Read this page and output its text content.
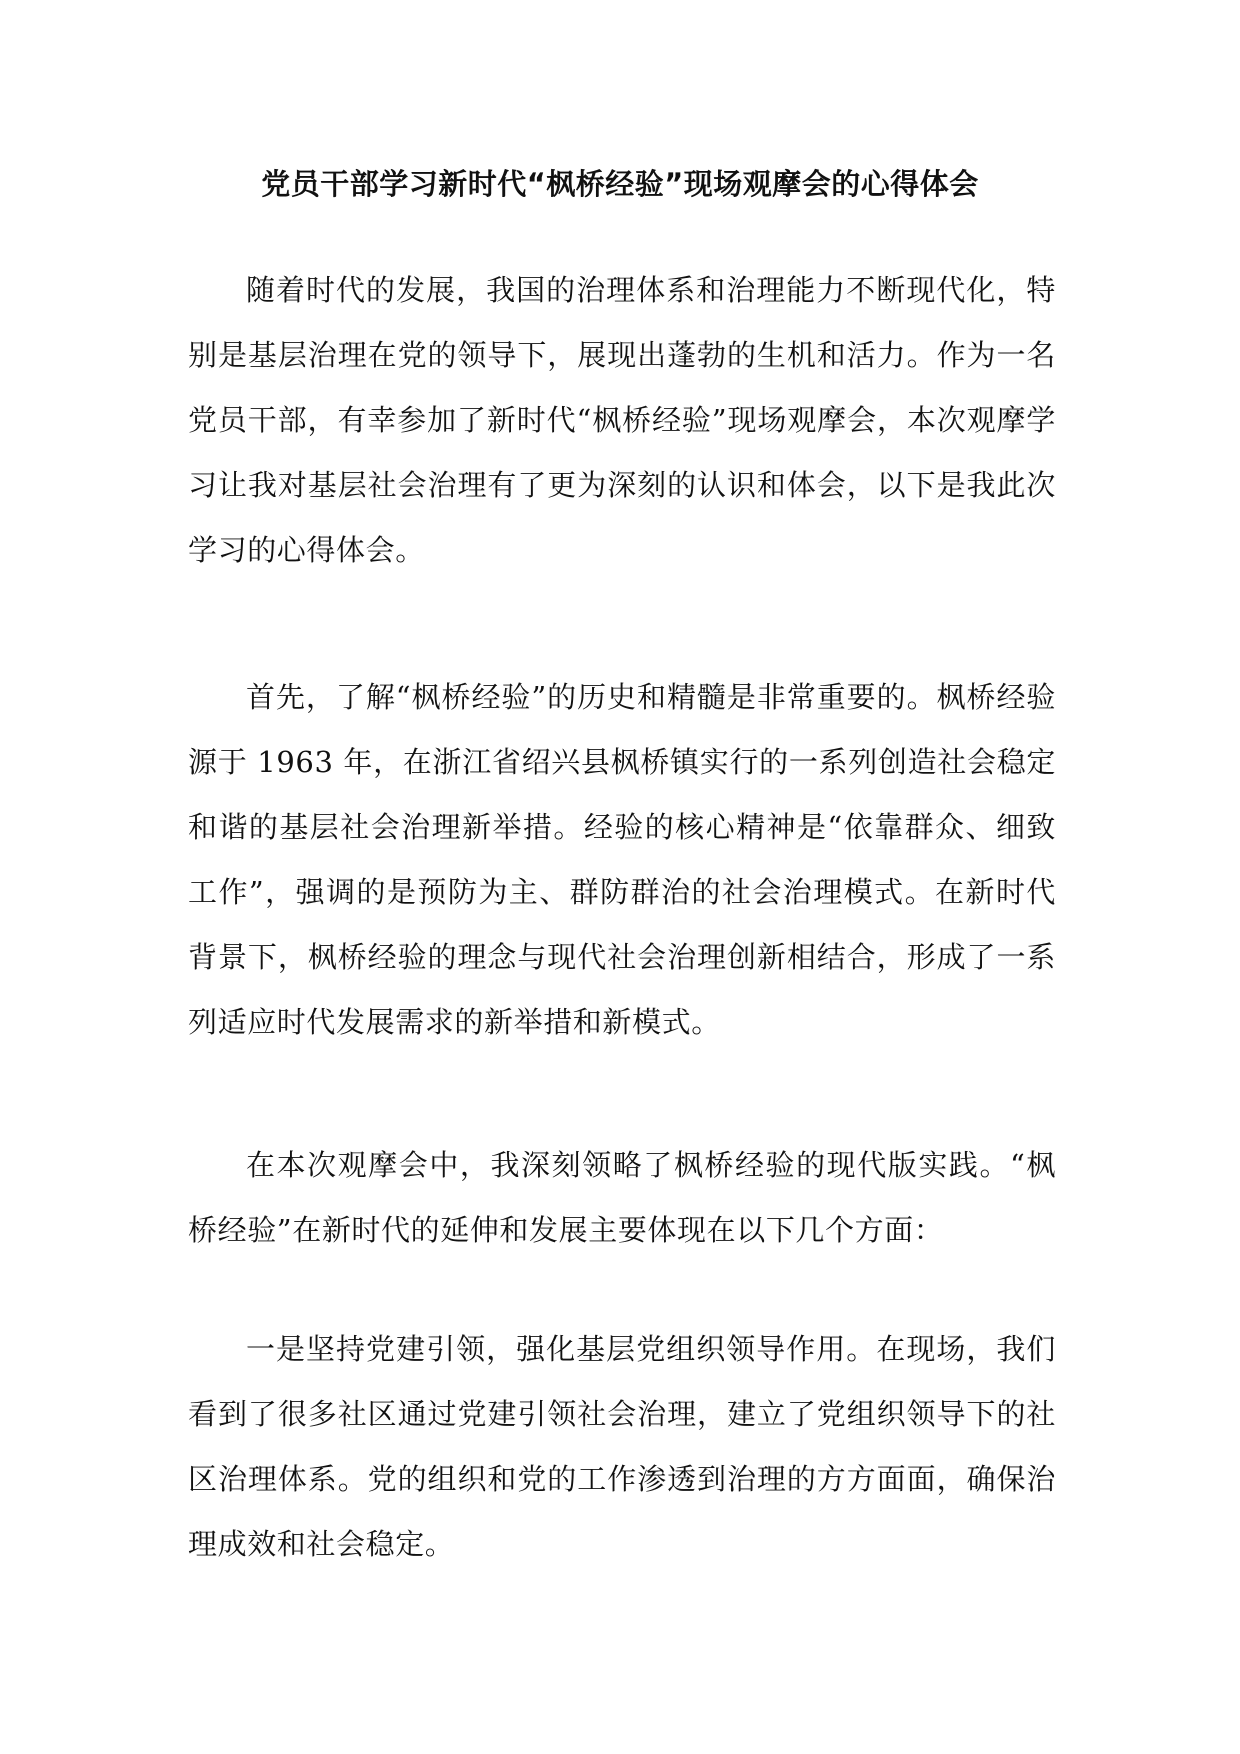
党员干部学习新时代“枫桥经验”现场观摩会的心得体会

随着时代的发展，我国的治理体系和治理能力不断现代化，特别是基层治理在党的领导下，展现出蓬勃的生机和活力。作为一名党员干部，有幸参加了新时代“枫桥经验”现场观摩会，本次观摩学习让我对基层社会治理有了更为深刻的认识和体会，以下是我此次学习的心得体会。

首先，了解“枫桥经验”的历史和精髓是非常重要的。枫桥经验源于 1963 年，在浙江省绍兴县枫桥镇实行的一系列创造社会稳定和谐的基层社会治理新举措。经验的核心精神是“依靠群众、细致工作”，强调的是预防为主、群防群治的社会治理模式。在新时代背景下，枫桥经验的理念与现代社会治理创新相结合，形成了一系列适应时代发展需求的新举措和新模式。

在本次观摩会中，我深刻领略了枫桥经验的现代版实践。“枫桥经验”在新时代的延伸和发展主要体现在以下几个方面：

一是坚持党建引领，强化基层党组织领导作用。在现场，我们看到了很多社区通过党建引领社会治理，建立了党组织领导下的社区治理体系。党的组织和党的工作渗透到治理的方方面面，确保治理成效和社会稳定。
